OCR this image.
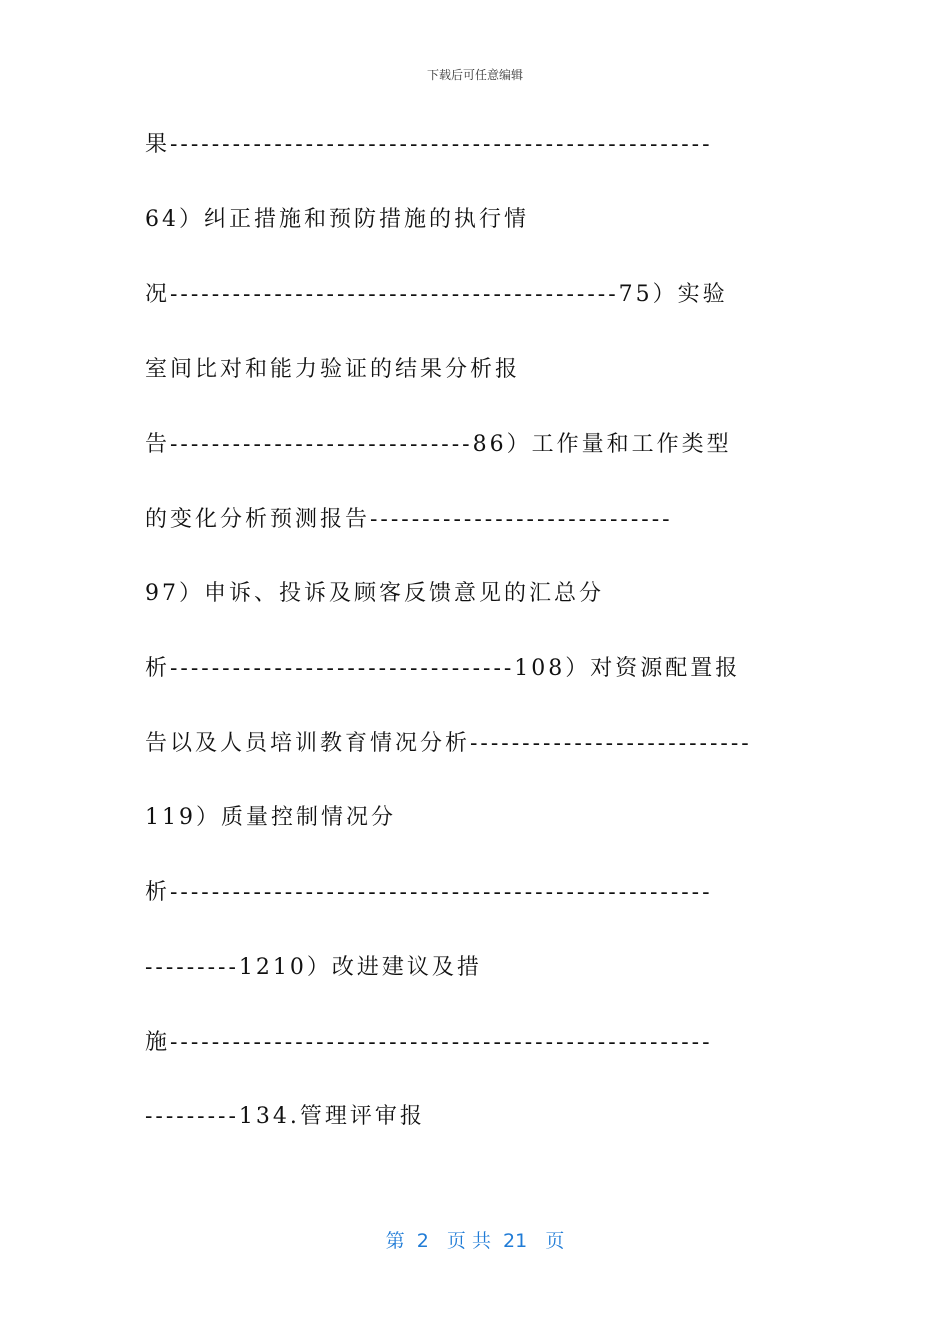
下载后可任意编辑
果----------------------------------------------------
64）纠正措施和预防措施的执行情
况-------------------------------------------75）实验
室间比对和能力验证的结果分析报
告-----------------------------86）工作量和工作类型
的变化分析预测报告-----------------------------
97）申诉、投诉及顾客反馈意见的汇总分
析---------------------------------108）对资源配置报
告以及人员培训教育情况分析---------------------------
119）质量控制情况分
析----------------------------------------------------
---------1210）改进建议及措
施----------------------------------------------------
---------134.管理评审报
第  2   页 共  21   页
